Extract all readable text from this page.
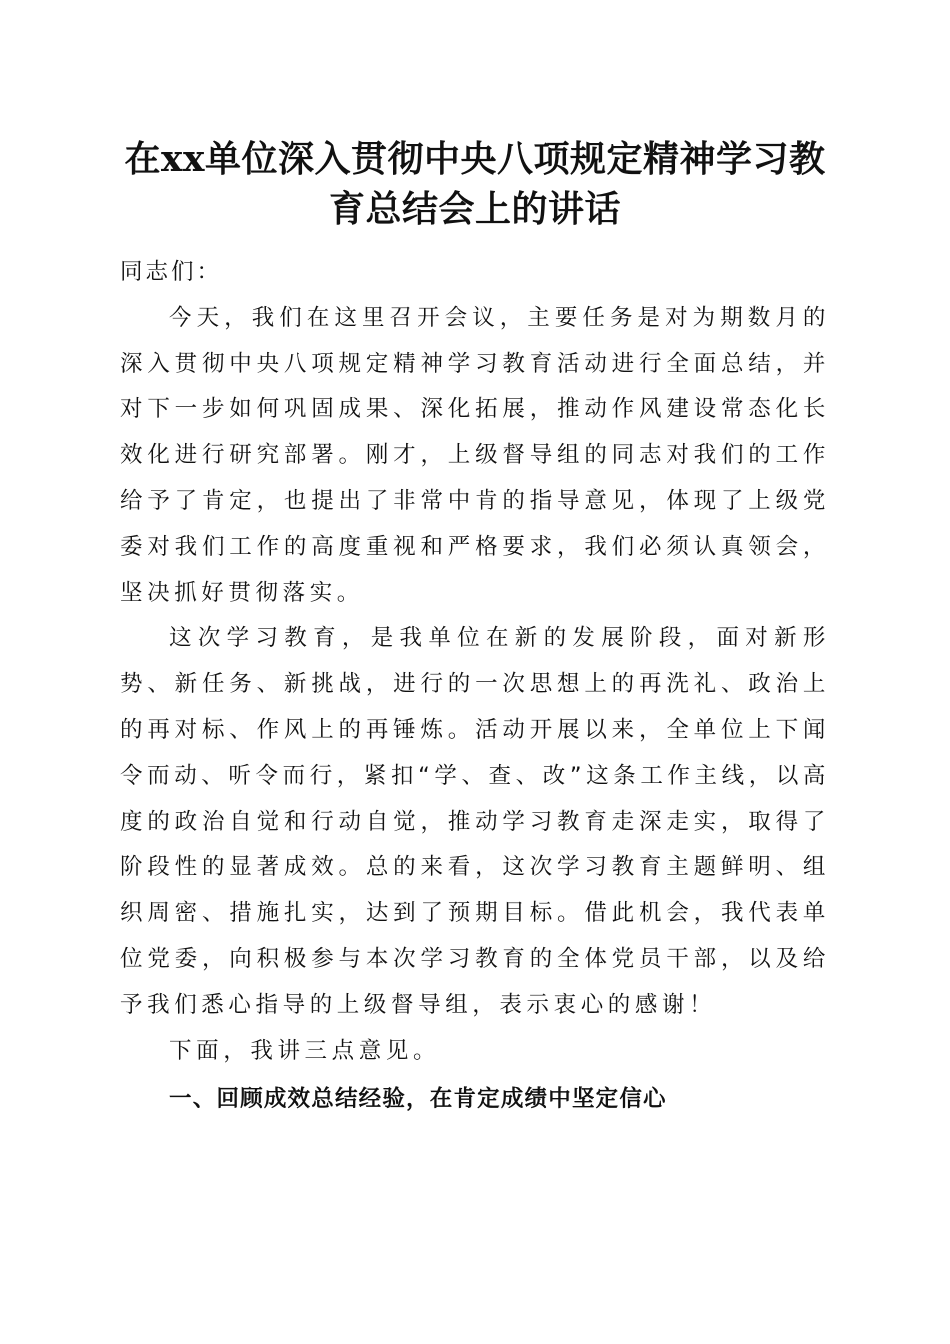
在xx单位深入贯彻中央八项规定精神学习教
育总结会上的讲话

同志们：

今天，我们在这里召开会议，主要任务是对为期数月的深入贯彻中央八项规定精神学习教育活动进行全面总结，并对下一步如何巩固成果、深化拓展，推动作风建设常态化长效化进行研究部署。刚才，上级督导组的同志对我们的工作给予了肯定，也提出了非常中肯的指导意见，体现了上级党委对我们工作的高度重视和严格要求，我们必须认真领会，坚决抓好贯彻落实。

这次学习教育，是我单位在新的发展阶段，面对新形势、新任务、新挑战，进行的一次思想上的再洗礼、政治上的再对标、作风上的再锤炼。活动开展以来，全单位上下闻令而动、听令而行，紧扣“学、查、改”这条工作主线，以高度的政治自觉和行动自觉，推动学习教育走深走实，取得了阶段性的显著成效。总的来看，这次学习教育主题鲜明、组织周密、措施扎实，达到了预期目标。借此机会，我代表单位党委，向积极参与本次学习教育的全体党员干部，以及给予我们悉心指导的上级督导组，表示衷心的感谢！

下面，我讲三点意见。

一、回顾成效总结经验，在肯定成绩中坚定信心
